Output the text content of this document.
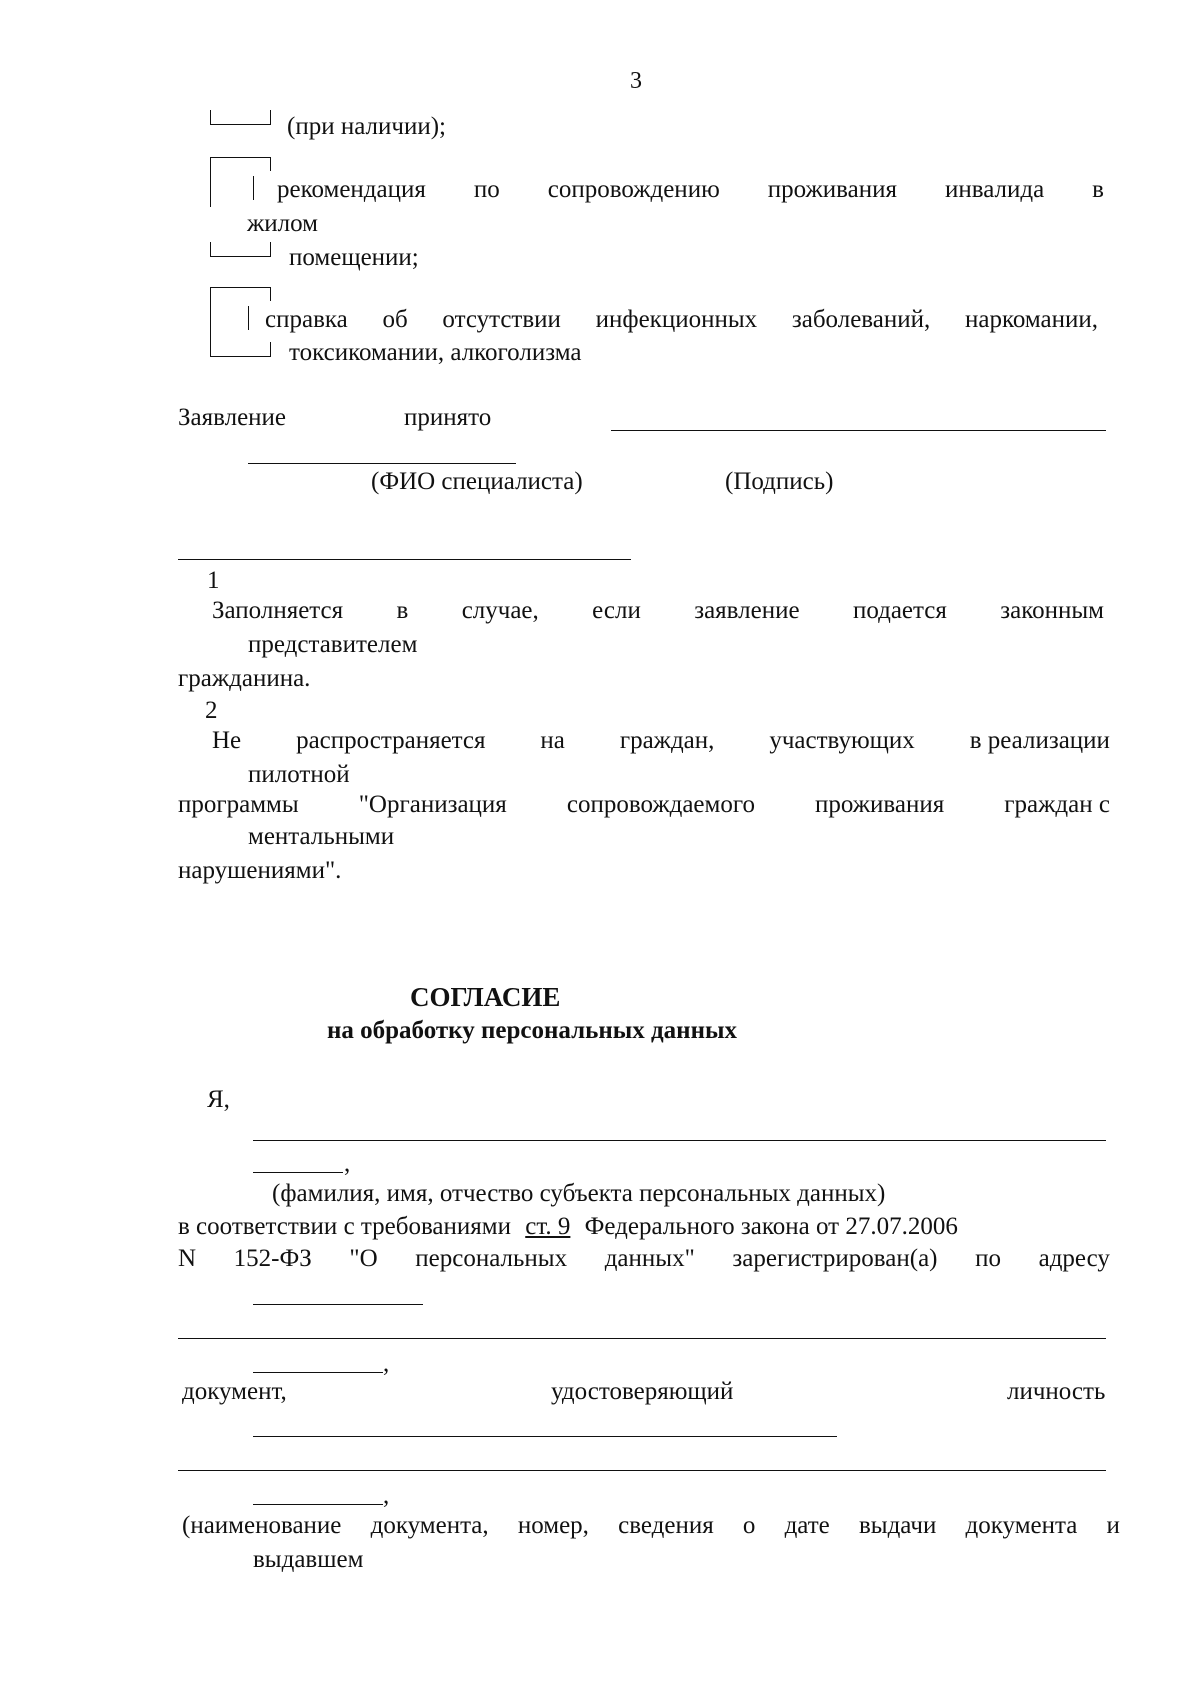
3
(при наличии);
рекомендация по сопровождению проживания инвалида в
жилом
помещении;
справка об отсутствии инфекционных заболеваний, наркомании,
токсикомании, алкоголизма
Заявление	принято
(ФИО специалиста)	(Подпись)
1
Заполняется в случае, если заявление подается законным
представителем
гражданина.
2
Не распространяется на граждан, участвующих в реализации
пилотной
программы "Организация сопровождаемого проживания граждан с
ментальными
нарушениями".
СОГЛАСИЕ
на обработку персональных данных
Я,
,
(фамилия, имя, отчество субъекта персональных данных)
в соответствии с требованиями ст. 9 Федерального закона от 27.07.2006
N 152-ФЗ "О персональных данных" зарегистрирован(а) по адресу
,
документ,	удостоверяющий	личность
,
(наименование документа, номер, сведения о дате выдачи документа и
выдавшем
